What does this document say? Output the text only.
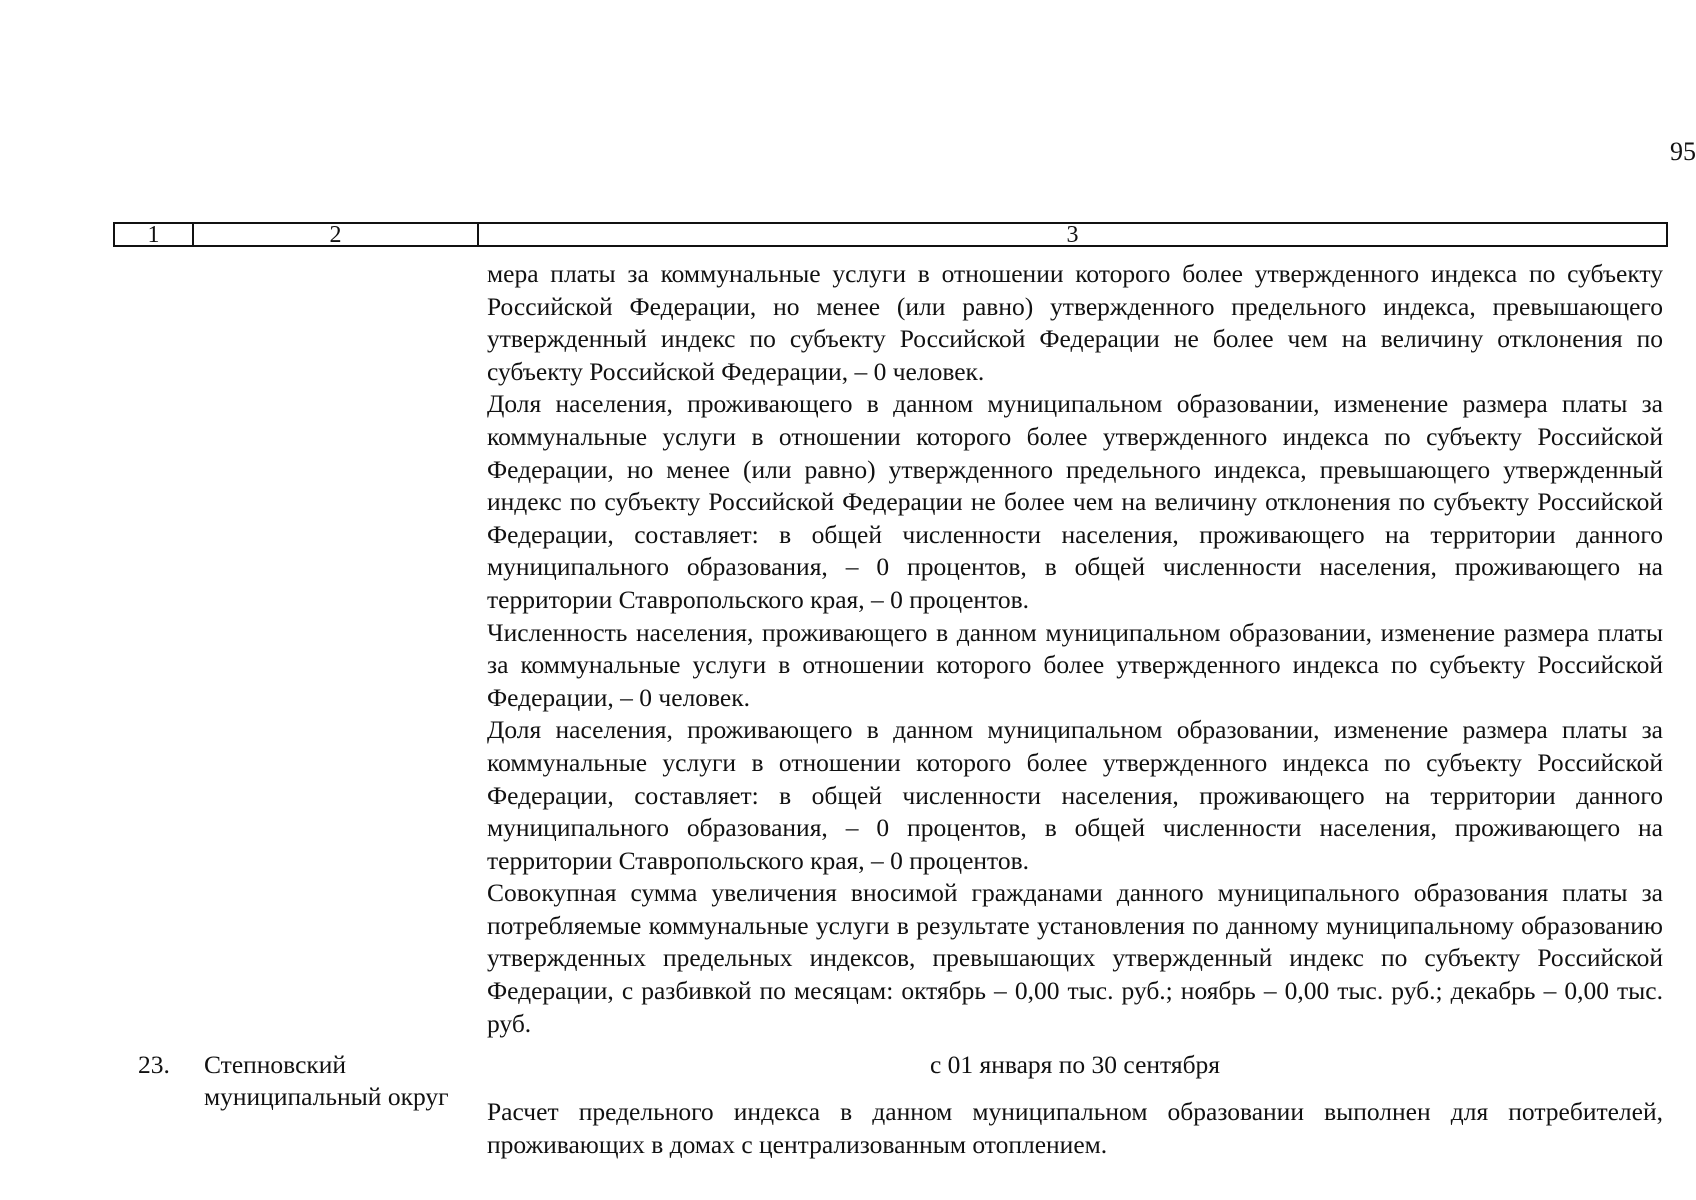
95
1	2	3

мера платы за коммунальные услуги в отношении которого более утвержденного индекса по субъекту Российской Федерации, но менее (или равно) утвержденного предельного индекса, превышающего утвержденный индекс по субъекту Российской Федерации не более чем на величину отклонения по субъекту Российской Федерации, – 0 человек.

Доля населения, проживающего в данном муниципальном образовании, изменение размера платы за коммунальные услуги в отношении которого более утвержденного индекса по субъекту Российской Федерации, но менее (или равно) утвержденного предельного индекса, превышающего утвержденный индекс по субъекту Российской Федерации не более чем на величину отклонения по субъекту Российской Федерации, составляет: в общей численности населения, проживающего на территории данного муниципального образования, – 0 процентов, в общей численности населения, проживающего на территории Ставропольского края, – 0 процентов.

Численность населения, проживающего в данном муниципальном образовании, изменение размера платы за коммунальные услуги в отношении которого более утвержденного индекса по субъекту Российской Федерации, – 0 человек.

Доля населения, проживающего в данном муниципальном образовании, изменение размера платы за коммунальные услуги в отношении которого более утвержденного индекса по субъекту Российской Федерации, составляет: в общей численности населения, проживающего на территории данного муниципального образования, – 0 процентов, в общей численности населения, проживающего на территории Ставропольского края, – 0 процентов.

Совокупная сумма увеличения вносимой гражданами данного муниципального образования платы за потребляемые коммунальные услуги в результате установления по данному муниципальному образованию утвержденных предельных индексов, превышающих утвержденный индекс по субъекту Российской Федерации, с разбивкой по месяцам: октябрь – 0,00 тыс. руб.; ноябрь – 0,00 тыс. руб.; декабрь – 0,00 тыс. руб.

23. Степновский муниципальный округ
с 01 января по 30 сентября

Расчет предельного индекса в данном муниципальном образовании выполнен для потребителей, проживающих в домах с централизованным отоплением.
